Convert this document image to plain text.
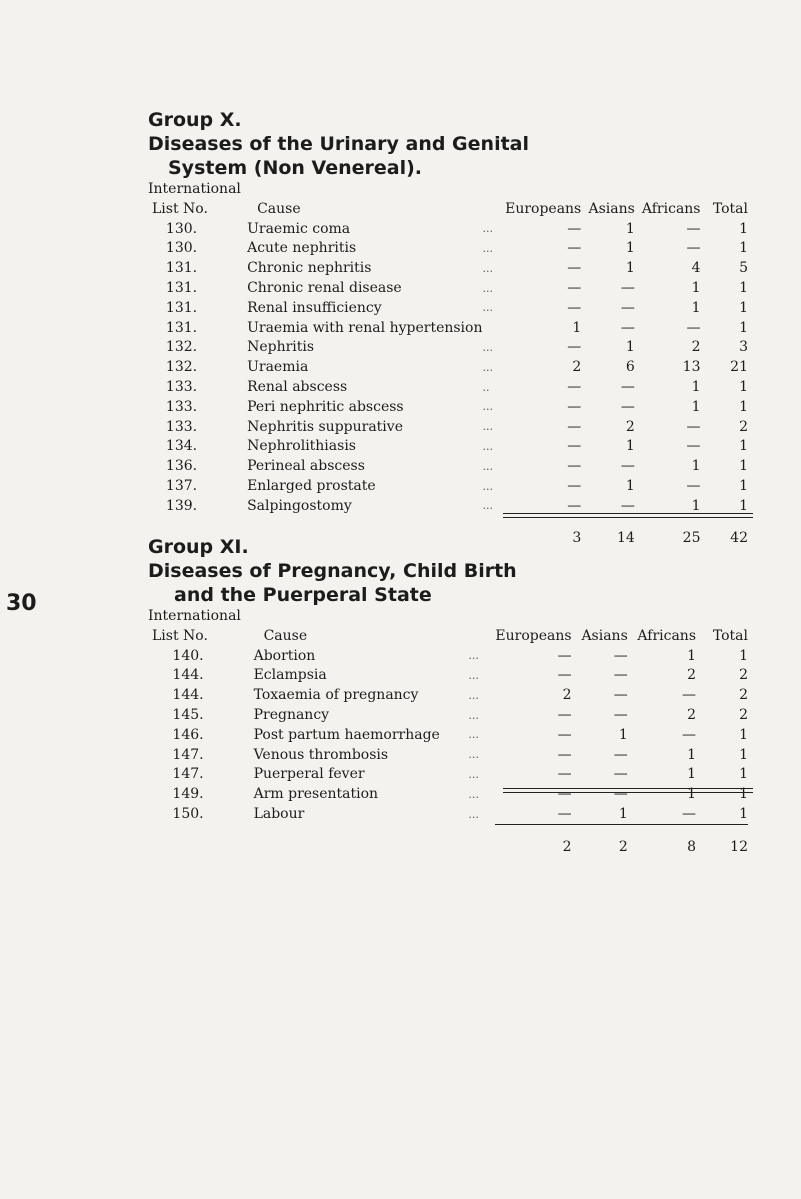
30
Group X.
Diseases of the Urinary and Genital
System (Non Venereal).
International
List No.	Cause		Europeans	Asians	Africans	Total
130.	Uraemic coma	...	—	1	—	1
130.	Acute nephritis	...	—	1	—	1
131.	Chronic nephritis	...	—	1	4	5
131.	Chronic renal disease	...	—	—	1	1
131.	Renal insufficiency	...	—	—	1	1
131.	Uraemia with renal hypertension		1	—	—	1
132.	Nephritis	...	—	1	2	3
132.	Uraemia	...	2	6	13	21
133.	Renal abscess	..	—	—	1	1
133.	Peri nephritic abscess	...	—	—	1	1
133.	Nephritis suppurative	...	—	2	—	2
134.	Nephrolithiasis	...	—	1	—	1
136.	Perineal abscess	...	—	—	1	1
137.	Enlarged prostate	...	—	1	—	1
139.	Salpingostomy	...	—	—	1	1
			3	14	25	42
Group XI.
Diseases of Pregnancy, Child Birth
and the Puerperal State
International
List No.	Cause		Europeans	Asians	Africans	Total
140.	Abortion	...	—	—	1	1
144.	Eclampsia	...	—	—	2	2
144.	Toxaemia of pregnancy	...	2	—	—	2
145.	Pregnancy	...	—	—	2	2
146.	Post partum haemorrhage	...	—	1	—	1
147.	Venous thrombosis	...	—	—	1	1
147.	Puerperal fever	...	—	—	1	1
149.	Arm presentation	...	—	—	1	1
150.	Labour	...	—	1	—	1
			2	2	8	12
